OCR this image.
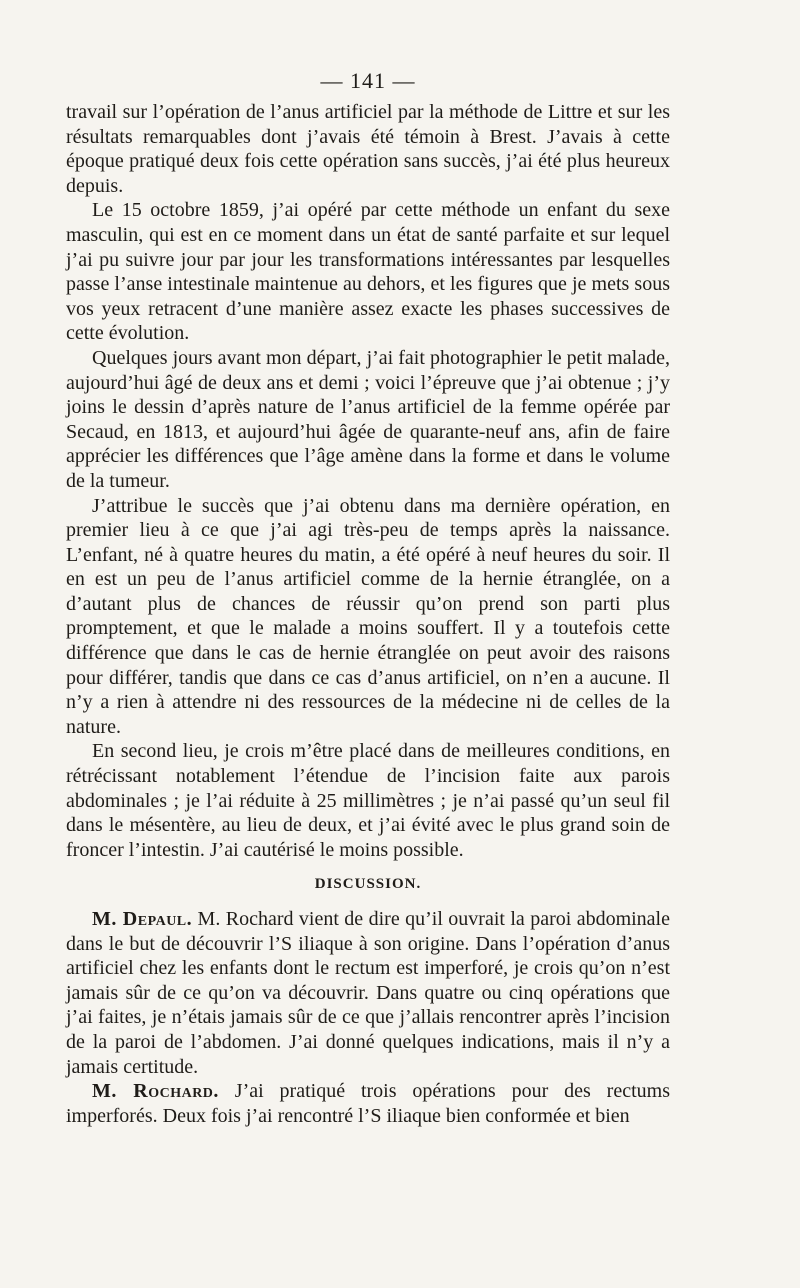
— 141 —

travail sur l’opération de l’anus artificiel par la méthode de Littre et sur les résultats remarquables dont j’avais été témoin à Brest. J’avais à cette époque pratiqué deux fois cette opération sans succès, j’ai été plus heureux depuis.

Le 15 octobre 1859, j’ai opéré par cette méthode un enfant du sexe masculin, qui est en ce moment dans un état de santé parfaite et sur lequel j’ai pu suivre jour par jour les transformations intéressantes par lesquelles passe l’anse intestinale maintenue au dehors, et les figures que je mets sous vos yeux retracent d’une manière assez exacte les phases successives de cette évolution.

Quelques jours avant mon départ, j’ai fait photographier le petit malade, aujourd’hui âgé de deux ans et demi ; voici l’épreuve que j’ai obtenue ; j’y joins le dessin d’après nature de l’anus artificiel de la femme opérée par Secaud, en 1813, et aujourd’hui âgée de quarante-neuf ans, afin de faire apprécier les différences que l’âge amène dans la forme et dans le volume de la tumeur.

J’attribue le succès que j’ai obtenu dans ma dernière opération, en premier lieu à ce que j’ai agi très-peu de temps après la naissance. L’enfant, né à quatre heures du matin, a été opéré à neuf heures du soir. Il en est un peu de l’anus artificiel comme de la hernie étranglée, on a d’autant plus de chances de réussir qu’on prend son parti plus promptement, et que le malade a moins souffert. Il y a toutefois cette différence que dans le cas de hernie étranglée on peut avoir des raisons pour différer, tandis que dans ce cas d’anus artificiel, on n’en a aucune. Il n’y a rien à attendre ni des ressources de la médecine ni de celles de la nature.

En second lieu, je crois m’être placé dans de meilleures conditions, en rétrécissant notablement l’étendue de l’incision faite aux parois abdominales ; je l’ai réduite à 25 millimètres ; je n’ai passé qu’un seul fil dans le mésentère, au lieu de deux, et j’ai évité avec le plus grand soin de froncer l’intestin. J’ai cautérisé le moins possible.

DISCUSSION.

M. Depaul. M. Rochard vient de dire qu’il ouvrait la paroi abdominale dans le but de découvrir l’S iliaque à son origine. Dans l’opération d’anus artificiel chez les enfants dont le rectum est imperforé, je crois qu’on n’est jamais sûr de ce qu’on va découvrir. Dans quatre ou cinq opérations que j’ai faites, je n’étais jamais sûr de ce que j’allais rencontrer après l’incision de la paroi de l’abdomen. J’ai donné quelques indications, mais il n’y a jamais certitude.

M. Rochard. J’ai pratiqué trois opérations pour des rectums imperforés. Deux fois j’ai rencontré l’S iliaque bien conformée et bien
